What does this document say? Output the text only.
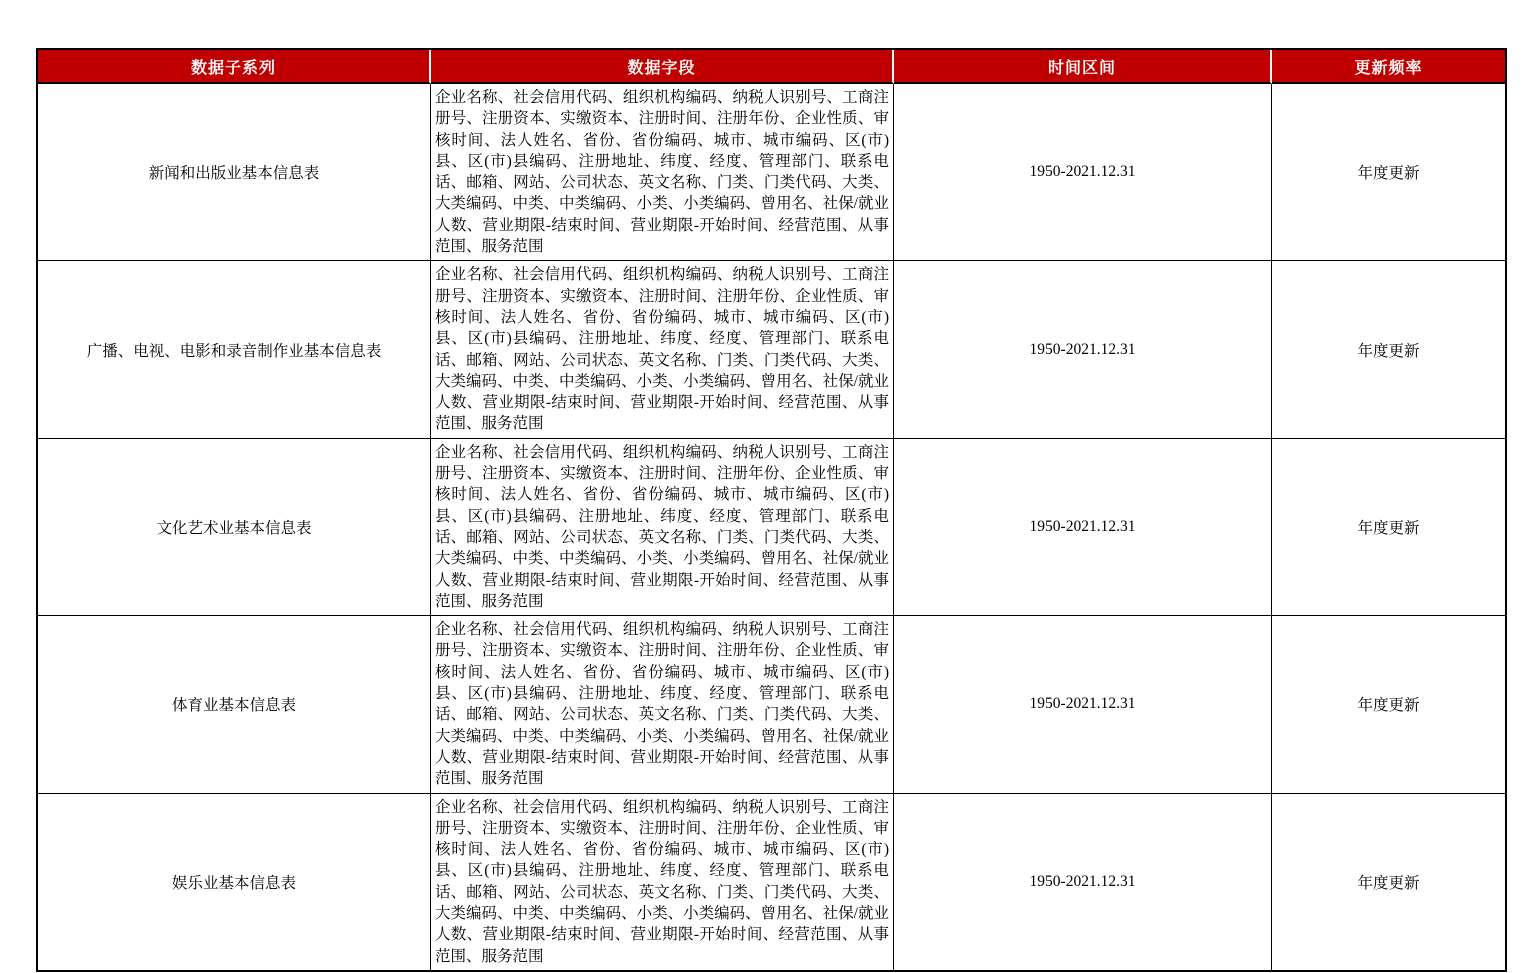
数据子系列	数据字段	时间区间	更新频率
新闻和出版业基本信息表	企业名称、社会信用代码、组织机构编码、纳税人识别号、工商注册号、注册资本、实缴资本、注册时间、注册年份、企业性质、审核时间、法人姓名、省份、省份编码、城市、城市编码、区(市)县、区(市)县编码、注册地址、纬度、经度、管理部门、联系电话、邮箱、网站、公司状态、英文名称、门类、门类代码、大类、大类编码、中类、中类编码、小类、小类编码、曾用名、社保/就业人数、营业期限-结束时间、营业期限-开始时间、经营范围、从事范围、服务范围	1950-2021.12.31	年度更新
广播、电视、电影和录音制作业基本信息表	企业名称、社会信用代码、组织机构编码、纳税人识别号、工商注册号、注册资本、实缴资本、注册时间、注册年份、企业性质、审核时间、法人姓名、省份、省份编码、城市、城市编码、区(市)县、区(市)县编码、注册地址、纬度、经度、管理部门、联系电话、邮箱、网站、公司状态、英文名称、门类、门类代码、大类、大类编码、中类、中类编码、小类、小类编码、曾用名、社保/就业人数、营业期限-结束时间、营业期限-开始时间、经营范围、从事范围、服务范围	1950-2021.12.31	年度更新
文化艺术业基本信息表	企业名称、社会信用代码、组织机构编码、纳税人识别号、工商注册号、注册资本、实缴资本、注册时间、注册年份、企业性质、审核时间、法人姓名、省份、省份编码、城市、城市编码、区(市)县、区(市)县编码、注册地址、纬度、经度、管理部门、联系电话、邮箱、网站、公司状态、英文名称、门类、门类代码、大类、大类编码、中类、中类编码、小类、小类编码、曾用名、社保/就业人数、营业期限-结束时间、营业期限-开始时间、经营范围、从事范围、服务范围	1950-2021.12.31	年度更新
体育业基本信息表	企业名称、社会信用代码、组织机构编码、纳税人识别号、工商注册号、注册资本、实缴资本、注册时间、注册年份、企业性质、审核时间、法人姓名、省份、省份编码、城市、城市编码、区(市)县、区(市)县编码、注册地址、纬度、经度、管理部门、联系电话、邮箱、网站、公司状态、英文名称、门类、门类代码、大类、大类编码、中类、中类编码、小类、小类编码、曾用名、社保/就业人数、营业期限-结束时间、营业期限-开始时间、经营范围、从事范围、服务范围	1950-2021.12.31	年度更新
娱乐业基本信息表	企业名称、社会信用代码、组织机构编码、纳税人识别号、工商注册号、注册资本、实缴资本、注册时间、注册年份、企业性质、审核时间、法人姓名、省份、省份编码、城市、城市编码、区(市)县、区(市)县编码、注册地址、纬度、经度、管理部门、联系电话、邮箱、网站、公司状态、英文名称、门类、门类代码、大类、大类编码、中类、中类编码、小类、小类编码、曾用名、社保/就业人数、营业期限-结束时间、营业期限-开始时间、经营范围、从事范围、服务范围	1950-2021.12.31	年度更新
